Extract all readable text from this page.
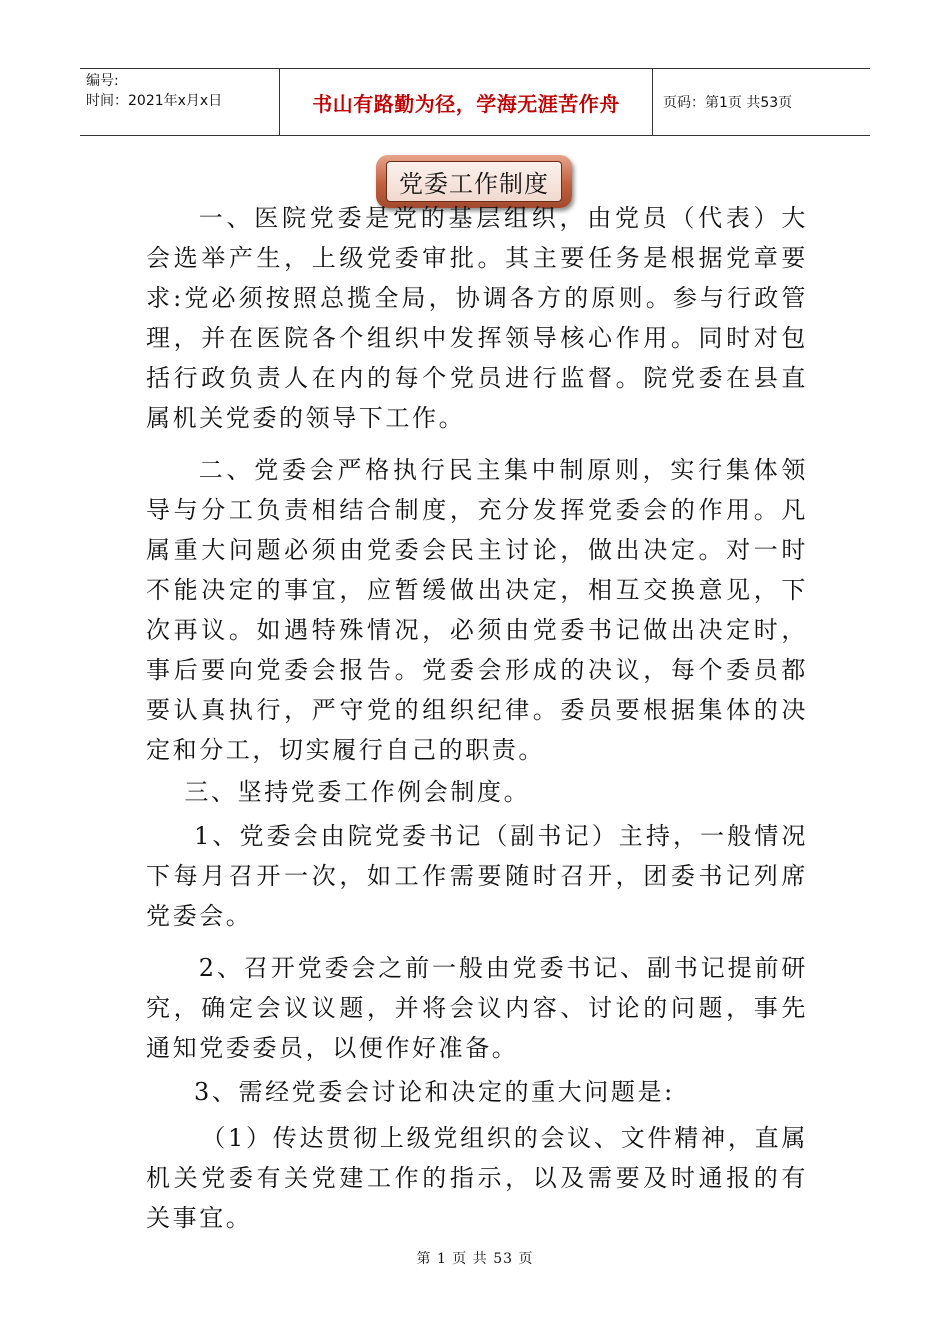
编号:
时间：2021年x月x日	书山有路勤为径，学海无涯苦作舟	页码：第1页 共53页
党委工作制度

一、医院党委是党的基层组织，由党员（代表）大会选举产生，上级党委审批。其主要任务是根据党章要求:党必须按照总揽全局，协调各方的原则。参与行政管理，并在医院各个组织中发挥领导核心作用。同时对包括行政负责人在内的每个党员进行监督。院党委在县直属机关党委的领导下工作。

二、党委会严格执行民主集中制原则，实行集体领导与分工负责相结合制度，充分发挥党委会的作用。凡属重大问题必须由党委会民主讨论，做出决定。对一时不能决定的事宜，应暂缓做出决定，相互交换意见，下次再议。如遇特殊情况，必须由党委书记做出决定时，事后要向党委会报告。党委会形成的决议，每个委员都要认真执行，严守党的组织纪律。委员要根据集体的决定和分工，切实履行自己的职责。

三、坚持党委工作例会制度。

1、党委会由院党委书记（副书记）主持，一般情况下每月召开一次，如工作需要随时召开，团委书记列席党委会。

2、召开党委会之前一般由党委书记、副书记提前研究，确定会议议题，并将会议内容、讨论的问题，事先通知党委委员，以便作好准备。

3、需经党委会讨论和决定的重大问题是:

（1）传达贯彻上级党组织的会议、文件精神，直属机关党委有关党建工作的指示，以及需要及时通报的有关事宜。

第 1 页 共 53 页
